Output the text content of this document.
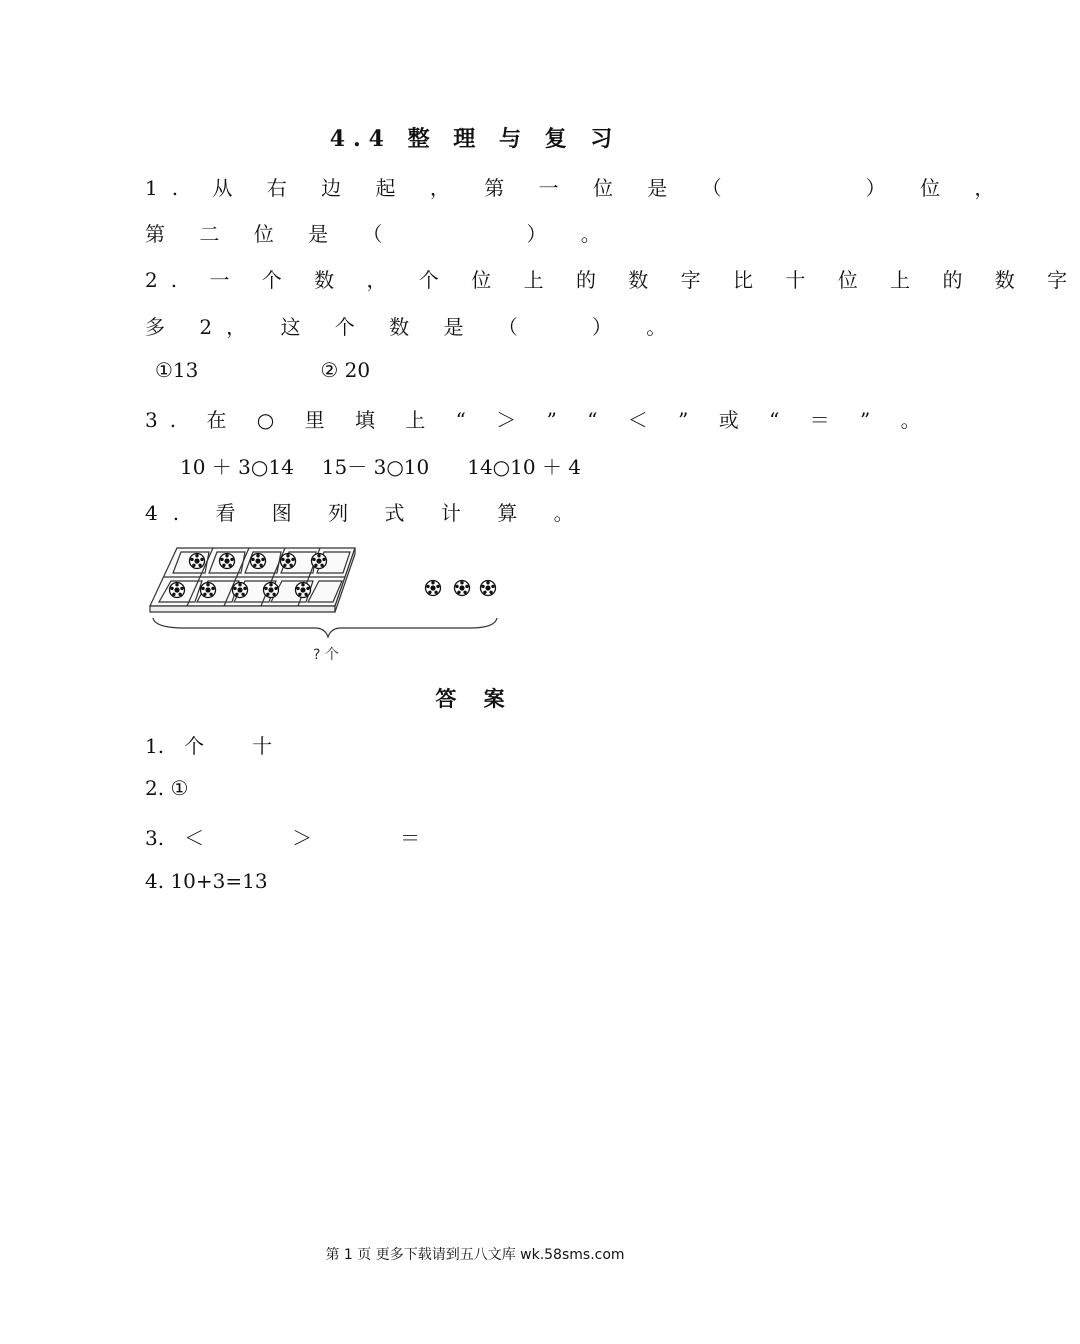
4.4 整 理 与 复 习
1. 从 右 边 起 ， 第 一 位 是 （	） 位 ，
第 二 位 是 （	） 。
2. 一 个 数 ， 个 位 上 的 数 字 比 十 位 上 的 数 字
多 2， 这 个 数 是 （	） 。
①13	② 20
3. 在 ○ 里 填 上 “ ＞ ” “ ＜ ” 或 “ ＝ ” 。
10 ＋ 3○14 15－ 3○10 14○10 ＋ 4
4. 看 图 列 式 计 算 。
? 个
答 案
1. 个 十
2. ①
3. ＜	＞	＝
4. 10+3=13
第 1 页 更多下载请到五八文库 wk.58sms.com
